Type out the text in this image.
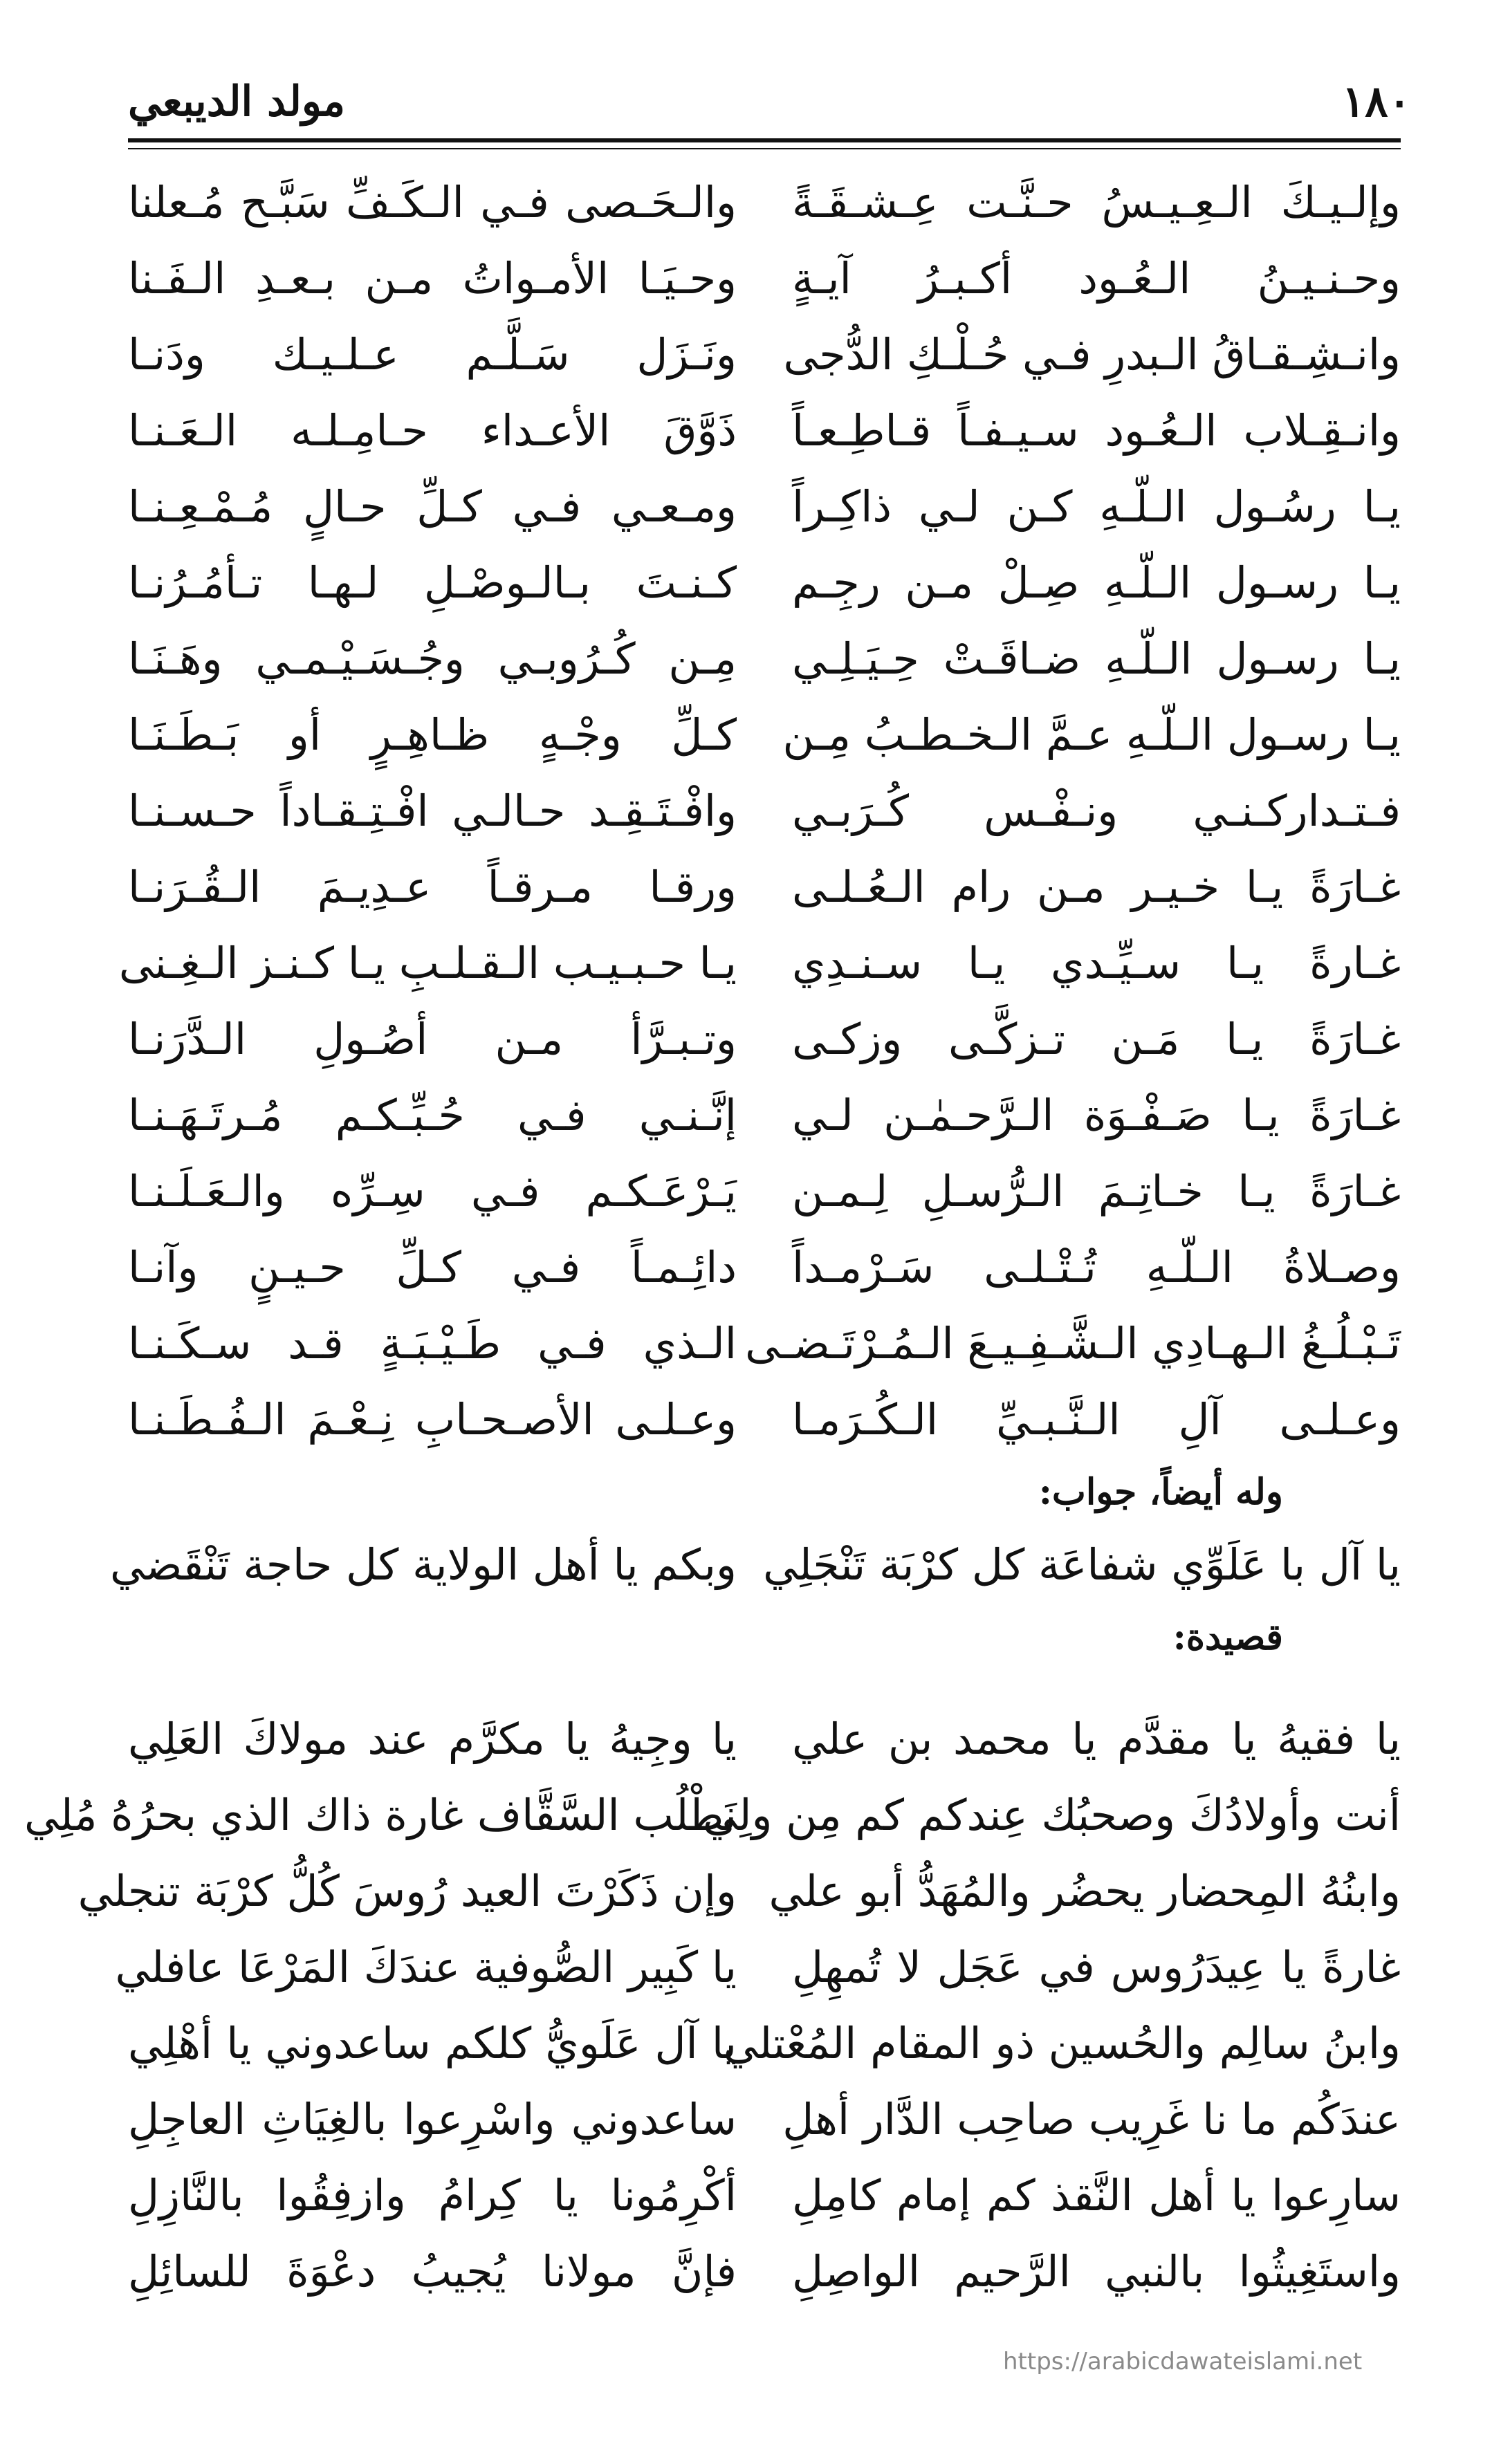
١٨٠
مولد الديبعي
وإلـيـكَ الـعِـيـسُ حـنَّـت عِـشـقَـةً
والـحَـصى فـي الـكَـفِّ سَبَّـح مُـعلنا
وحـنـيـنُ الـعُـود أكـبـرُ آيـةٍ
وحـيَـا الأمـواتُ مـن بـعـدِ الـفَـنا
وانـشِـقـاقُ الـبدرِ فـي حُـلْـكِ الدُّجى
ونَـزَل سَـلَّـم عـلـيـك ودَنـا
وانـقِـلاب الـعُـود سـيـفـاً قـاطِـعـاً
ذَوَّقَ الأعـداء حـامِـلـه الـعَـنـا
يـا رسُـول الـلّـهِ كـن لـي ذاكِـراً
ومـعـي فـي كـلِّ حـالٍ مُـمْـعِـنـا
يـا رسـول الـلّـهِ صِـلْ مـن رجِـم
كـنـتَ بـالـوصْـلِ لـهـا تـأمُـرُنـا
يـا رسـول الـلّـهِ ضـاقَـتْ حِـيَـلِـي
مِـن كُـرُوبـي وجُـسَـيْـمـي وهَـنَـا
يـا رسـول الـلّـهِ عـمَّ الـخـطـبُ مِـن
كـلِّ وجْـهٍ ظـاهِـرٍ أو بَـطَـنَـا
فـتـداركـنـي ونـفْـس كُـرَبـي
وافْـتَـقِـد حـالـي افْـتِـقـاداً حـسـنـا
غـارَةً يـا خـيـر مـن رام الـعُـلـى
ورقـا مـرقـاً عـدِيـمَ الـقُـرَنـا
غـارةً يـا سـيِّـدي يـا سـنـدِي
يـا حـبـيـب الـقـلـبِ يـا كـنـز الـغِـنى
غـارَةً يـا مَـن تـزكَّـى وزكـى
وتـبـرَّأ مـن أصُـولِ الـدَّرَنـا
غـارَةً يـا صَـفْـوَة الـرَّحـمٰـن لـي
إنَّـنـي فـي حُـبِّـكـم مُـرتَـهَـنـا
غـارَةً يـا خـاتِـمَ الـرُّسـلِ لِـمـن
يَـرْعَـكـم فـي سِـرِّه والـعَـلَـنـا
وصـلاةُ الـلّـهِ تُـتْـلـى سَـرْمـداً
دائِـمـاً فـي كـلِّ حـيـنٍ وآنـا
تَـبْـلُـغُ الـهـادِي الـشَّـفِـيـعَ الـمُـرْتَـضـى
الـذي فـي طَـيْـبَـةٍ قـد سـكَـنـا
وعـلـى آلِ الـنَّـبـيِّ الـكُـرَمـا
وعـلـى الأصـحـابِ نِـعْـمَ الـفُـطَـنـا
وله أيضاً، جواب:
يا آل با عَلَوِّي شفاعَة كل كرْبَة تَنْجَلِي
وبكم يا أهل الولاية كل حاجة تَنْقَضي
قصيدة:
يا فقيهُ يا مقدَّم يا محمد بن علي
يا وجِيهُ يا مكرَّم عند مولاكَ العَلِي
أنت وأولادُكَ وصحبُك عِندكم كم مِن ولِي
نَطْلُب السَّقَّاف غارة ذاك الذي بحرُهُ مُلِي
وابنُهُ المِحضار يحضُر والمُهَدُّ أبو علي
وإن ذَكَرْتَ العيد رُوسَ كُلُّ كرْبَة تنجلي
غارةً يا عِيدَرُوس في عَجَل لا تُمهِلِ
يا كَبِير الصُّوفية عندَكَ المَرْعَا عافلي
وابنُ سالِم والحُسين ذو المقام المُعْتلي
يا آل عَلَويُّ كلكم ساعدوني يا أهْلِي
عندَكُم ما نا غَرِيب صاحِب الدَّار أهلِ
ساعدوني واسْرِعوا بالغِيَاثِ العاجِلِ
سارِعوا يا أهل النَّقذ كم إمام كامِلِ
أكْرِمُونا يا كِرامُ وازفِقُوا بالنَّازِلِ
واستَغِيثُوا بالنبي الرَّحيم الواصِلِ
فإنَّ مولانا يُجيبُ دعْوَةَ للسائِلِ
https://arabicdawateislami.net
